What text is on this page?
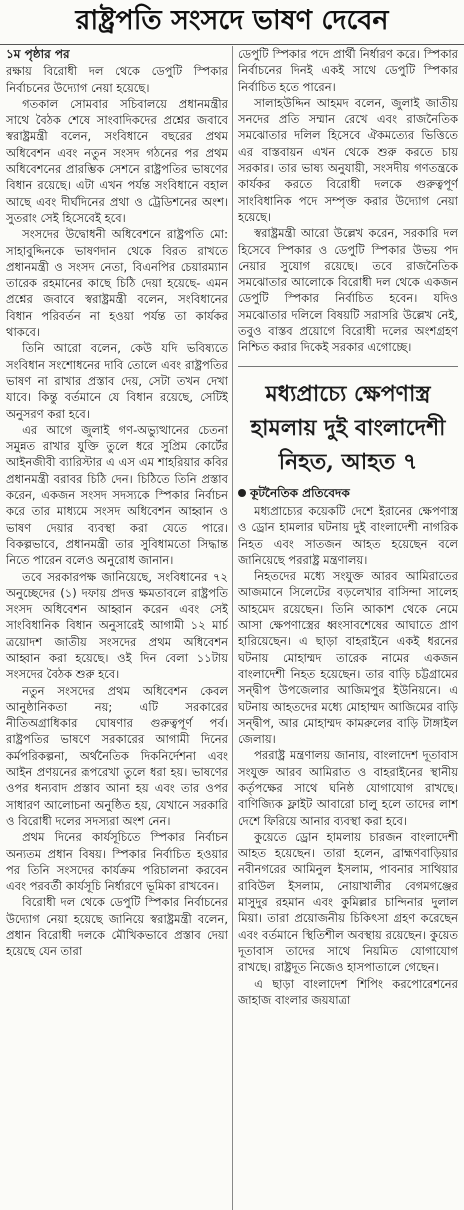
রাষ্ট্রপতি সংসদে ভাষণ দেবেন
১ম পৃষ্ঠার পর

রক্ষায় বিরোধী দল থেকে ডেপুটি স্পিকার নির্বাচনের উদ্যোগ নেয়া হয়েছে।

গতকাল সোমবার সচিবালয়ে প্রধানমন্ত্রীর সাথে বৈঠক শেষে সাংবাদিকদের প্রশ্নের জবাবে স্বরাষ্ট্রমন্ত্রী বলেন, সংবিধানে বছরের প্রথম অধিবেশন এবং নতুন সংসদ গঠনের পর প্রথম অধিবেশনের প্রারম্ভিক সেশনে রাষ্ট্রপতির ভাষণের বিধান রয়েছে। এটা এখন পর্যন্ত সংবিধানে বহাল আছে এবং দীর্ঘদিনের প্রথা ও ট্রেডিশনের অংশ। সুতরাং সেই হিসেবেই হবে।

সংসদের উদ্বোধনী অধিবেশনে রাষ্ট্রপতি মো: সাহাবুদ্দিনকে ভাষণদান থেকে বিরত রাখতে প্রধানমন্ত্রী ও সংসদ নেতা, বিএনপির চেয়ারম্যান তারেক রহমানের কাছে চিঠি দেয়া হয়েছে- এমন প্রশ্নের জবাবে স্বরাষ্ট্রমন্ত্রী বলেন, সংবিধানের বিধান পরিবর্তন না হওয়া পর্যন্ত তা কার্যকর থাকবে।

তিনি আরো বলেন, কেউ যদি ভবিষ্যতে সংবিধান সংশোধনের দাবি তোলে এবং রাষ্ট্রপতির ভাষণ না রাখার প্রস্তাব দেয়, সেটা তখন দেখা যাবে। কিন্তু বর্তমানে যে বিধান রয়েছে, সেটিই অনুসরণ করা হবে।

এর আগে জুলাই গণ-অভ্যুত্থানের চেতনা সমুন্নত রাখার যুক্তি তুলে ধরে সুপ্রিম কোর্টের আইনজীবী ব্যারিস্টার এ এস এম শাহরিয়ার কবির প্রধানমন্ত্রী বরাবর চিঠি দেন। চিঠিতে তিনি প্রস্তাব করেন, একজন সংসদ সদস্যকে স্পিকার নির্বাচন করে তার মাধ্যমে সংসদ অধিবেশন আহ্বান ও ভাষণ দেয়ার ব্যবস্থা করা যেতে পারে। বিকল্পভাবে, প্রধানমন্ত্রী তার সুবিধামতো সিদ্ধান্ত নিতে পারেন বলেও অনুরোধ জানান।

তবে সরকারপক্ষ জানিয়েছে, সংবিধানের ৭২ অনুচ্ছেদের (১) দফায় প্রদত্ত ক্ষমতাবলে রাষ্ট্রপতি সংসদ অধিবেশন আহ্বান করেন এবং সেই সাংবিধানিক বিধান অনুসারেই আগামী ১২ মার্চ ত্রয়োদশ জাতীয় সংসদের প্রথম অধিবেশন আহ্বান করা হয়েছে। ওই দিন বেলা ১১টায় সংসদের বৈঠক শুরু হবে।

নতুন সংসদের প্রথম অধিবেশন কেবল আনুষ্ঠানিকতা নয়; এটি সরকারের নীতিঅগ্রাধিকার ঘোষণার গুরুত্বপূর্ণ পর্ব। রাষ্ট্রপতির ভাষণে সরকারের আগামী দিনের কর্মপরিকল্পনা, অর্থনৈতিক দিকনির্দেশনা এবং আইন প্রণয়নের রূপরেখা তুলে ধরা হয়। ভাষণের ওপর ধন্যবাদ প্রস্তাব আনা হয় এবং তার ওপর সাধারণ আলোচনা অনুষ্ঠিত হয়, যেখানে সরকারি ও বিরোধী দলের সদস্যরা অংশ নেন।

প্রথম দিনের কার্যসূচিতে স্পিকার নির্বাচন অন্যতম প্রধান বিষয়। স্পিকার নির্বাচিত হওয়ার পর তিনি সংসদের কার্যক্রম পরিচালনা করবেন এবং পরবর্তী কার্যসূচি নির্ধারণে ভূমিকা রাখবেন।

বিরোধী দল থেকে ডেপুটি স্পিকার নির্বাচনের উদ্যোগ নেয়া হয়েছে জানিয়ে স্বরাষ্ট্রমন্ত্রী বলেন, প্রধান বিরোধী দলকে মৌখিকভাবে প্রস্তাব দেয়া হয়েছে যেন তারা

ডেপুটি স্পিকার পদে প্রার্থী নির্ধারণ করে। স্পিকার নির্বাচনের দিনই একই সাথে ডেপুটি স্পিকার নির্বাচিত হতে পারেন।

সালাহউদ্দিন আহমদ বলেন, জুলাই জাতীয় সনদের প্রতি সম্মান রেখে এবং রাজনৈতিক সমঝোতার দলিল হিসেবে ঐকমত্যের ভিত্তিতে এর বাস্তবায়ন এখন থেকে শুরু করতে চায় সরকার। তার ভাষ্য অনুযায়ী, সংসদীয় গণতন্ত্রকে কার্যকর করতে বিরোধী দলকে গুরুত্বপূর্ণ সাংবিধানিক পদে সম্পৃক্ত করার উদ্যোগ নেয়া হয়েছে।

স্বরাষ্ট্রমন্ত্রী আরো উল্লেখ করেন, সরকারি দল হিসেবে স্পিকার ও ডেপুটি স্পিকার উভয় পদ নেয়ার সুযোগ রয়েছে। তবে রাজনৈতিক সমঝোতার আলোকে বিরোধী দল থেকে একজন ডেপুটি স্পিকার নির্বাচিত হবেন। যদিও সমঝোতার দলিলে বিষয়টি সরাসরি উল্লেখ নেই, তবুও বাস্তব প্রয়োগে বিরোধী দলের অংশগ্রহণ নিশ্চিত করার দিকেই সরকার এগোচ্ছে।

মধ্যপ্রাচ্যে ক্ষেপণাস্ত্র হামলায় দুই বাংলাদেশী নিহত, আহত ৭
কূটনৈতিক প্রতিবেদক

মধ্যপ্রাচ্যের কয়েকটি দেশে ইরানের ক্ষেপণাস্ত্র ও ড্রোন হামলার ঘটনায় দুই বাংলাদেশী নাগরিক নিহত এবং সাতজন আহত হয়েছেন বলে জানিয়েছে পররাষ্ট্র মন্ত্রণালয়।

নিহতদের মধ্যে সংযুক্ত আরব আমিরাতের আজমানে সিলেটের বড়লেখার বাসিন্দা সালেহ আহমেদ রয়েছেন। তিনি আকাশ থেকে নেমে আসা ক্ষেপণাস্ত্রের ধ্বংসাবশেষের আঘাতে প্রাণ হারিয়েছেন। এ ছাড়া বাহরাইনে একই ধরনের ঘটনায় মোহাম্মদ তারেক নামের একজন বাংলাদেশী নিহত হয়েছেন। তার বাড়ি চট্টগ্রামের সন্দ্বীপ উপজেলার আজিমপুর ইউনিয়নে। এ ঘটনায় আহতদের মধ্যে মোহাম্মদ আজিমের বাড়ি সন্দ্বীপ, আর মোহাম্মদ কামরুলের বাড়ি টাঙ্গাইল জেলায়।

পররাষ্ট্র মন্ত্রণালয় জানায়, বাংলাদেশ দূতাবাস সংযুক্ত আরব আমিরাত ও বাহরাইনের স্থানীয় কর্তৃপক্ষের সাথে ঘনিষ্ঠ যোগাযোগ রাখছে। বাণিজ্যিক ফ্লাইট আবারো চালু হলে তাদের লাশ দেশে ফিরিয়ে আনার ব্যবস্থা করা হবে।

কুয়েতে ড্রোন হামলায় চারজন বাংলাদেশী আহত হয়েছেন। তারা হলেন, ব্রাহ্মণবাড়িয়ার নবীনগরের আমিনুল ইসলাম, পাবনার সাথিয়ার রাবিউল ইসলাম, নোয়াখালীর বেগমগঞ্জের মাসুদুর রহমান এবং কুমিল্লার চান্দিনার দুলাল মিয়া। তারা প্রয়োজনীয় চিকিৎসা গ্রহণ করেছেন এবং বর্তমানে স্থিতিশীল অবস্থায় রয়েছেন। কুয়েত দূতাবাস তাদের সাথে নিয়মিত যোগাযোগ রাখছে। রাষ্ট্রদূত নিজেও হাসপাতালে গেছেন।

এ ছাড়া বাংলাদেশ শিপিং করপোরেশনের জাহাজ বাংলার জয়যাত্রা
